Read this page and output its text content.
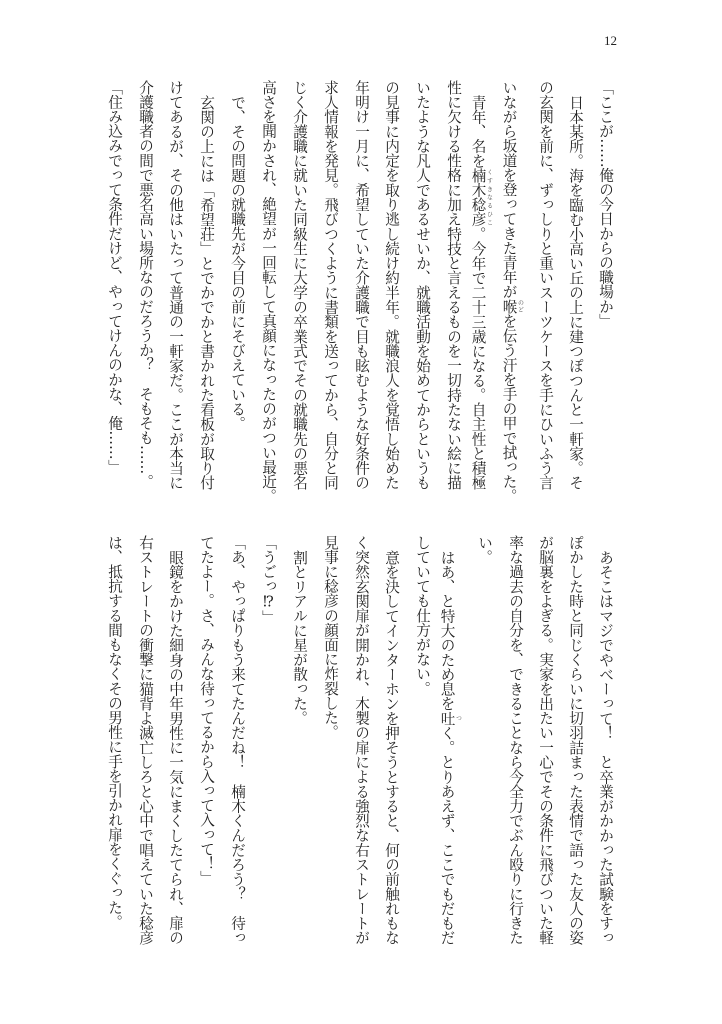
12
「ここが……俺の今日からの職場か」
日本某所。海を臨む小高い丘の上に建つぽつんと一軒家。そ
の玄関を前に、ずっしりと重いスーツケースを手にひいふう言
いながら坂道を登ってきた青年が喉 のどを伝う汗を手の甲で拭った。
青年、名を楠木稔彦 くすきなるひこ。今年で二十三歳になる。自主性と積極
性に欠ける性格に加え特技と言えるものを一切持たない絵に描
いたような凡人であるせいか、就職活動を始めてからというも
の見事に内定を取り逃し続け約半年。就職浪人を覚悟し始めた
年明け一月に、希望していた介護職で目も眩むような好条件の
求人情報を発見。飛びつくように書類を送ってから、自分と同
じく介護職に就いた同級生に大学の卒業式でその就職先の悪名
高さを聞かされ、絶望が一回転して真顔になったのがつい最近。
で、その問題の就職先が今目の前にそびえている。
玄関の上には「希望荘」とでかでかと書かれた看板が取り付
けてあるが、その他はいたって普通の一軒家だ。ここが本当に
介護職者の間で悪名高い場所なのだろうか？　そもそも……。
「住み込みでって条件だけど、やってけんのかな、俺……」
あそこはマジでやべーって！　と卒業がかかった試験をすっ
ぽかした時と同じくらいに切羽詰まった表情で語った友人の姿
が脳裏をよぎる。実家を出たい一心でその条件に飛びついた軽
率な過去の自分を、できることなら今全力でぶん殴りに行きた
い。
はあ、と特大のため息を吐 つく。とりあえず、ここでもだもだ
していても仕方がない。
意を決してインターホンを押そうとすると、何の前触れもな
く突然玄関扉が開かれ、木製の扉による強烈な右ストレートが
見事に稔彦の顔面に炸裂した。
割とリアルに星が散った。
「うごっ⁉」
「あ、やっぱりもう来てたんだね！　楠木くんだろう？　待っ
てたよー。さ、みんな待ってるから入って入って！」
眼鏡をかけた細身の中年男性に一気にまくしたてられ、扉の
右ストレートの衝撃に猫背よ滅亡しろと心中で唱えていた稔彦
は、抵抗する間もなくその男性に手を引かれ扉をくぐった。
